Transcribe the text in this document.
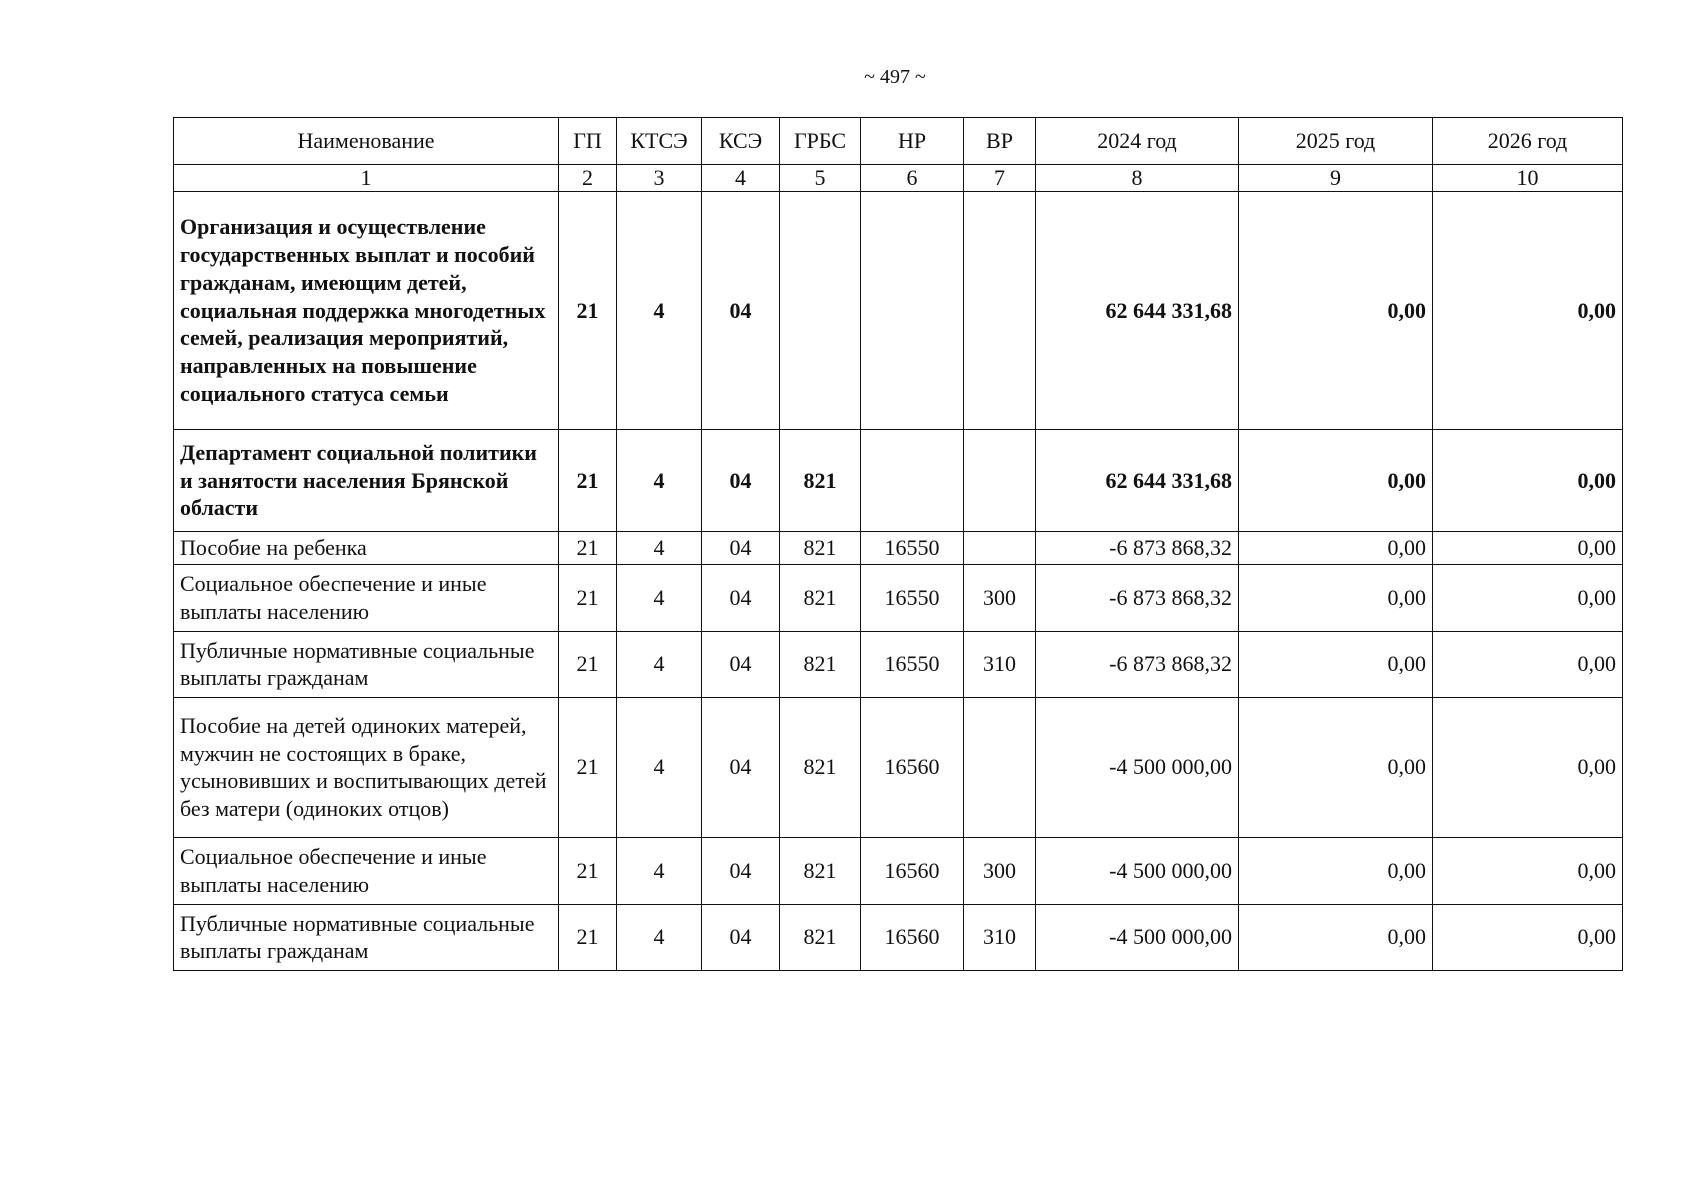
~ 497 ~
Наименование	ГП	КТСЭ	КСЭ	ГРБС	НР	ВР	2024 год	2025 год	2026 год
1	2	3	4	5	6	7	8	9	10
Организация и осуществление государственных выплат и пособий гражданам, имеющим детей, социальная поддержка многодетных семей, реализация мероприятий, направленных на повышение социального статуса семьи	21	4	04				62 644 331,68	0,00	0,00
Департамент социальной политики и занятости населения Брянской области	21	4	04	821			62 644 331,68	0,00	0,00
Пособие на ребенка	21	4	04	821	16550		-6 873 868,32	0,00	0,00
Социальное обеспечение и иные выплаты населению	21	4	04	821	16550	300	-6 873 868,32	0,00	0,00
Публичные нормативные социальные выплаты гражданам	21	4	04	821	16550	310	-6 873 868,32	0,00	0,00
Пособие на детей одиноких матерей, мужчин не состоящих в браке, усыновивших и воспитывающих детей без матери (одиноких отцов)	21	4	04	821	16560		-4 500 000,00	0,00	0,00
Социальное обеспечение и иные выплаты населению	21	4	04	821	16560	300	-4 500 000,00	0,00	0,00
Публичные нормативные социальные выплаты гражданам	21	4	04	821	16560	310	-4 500 000,00	0,00	0,00
